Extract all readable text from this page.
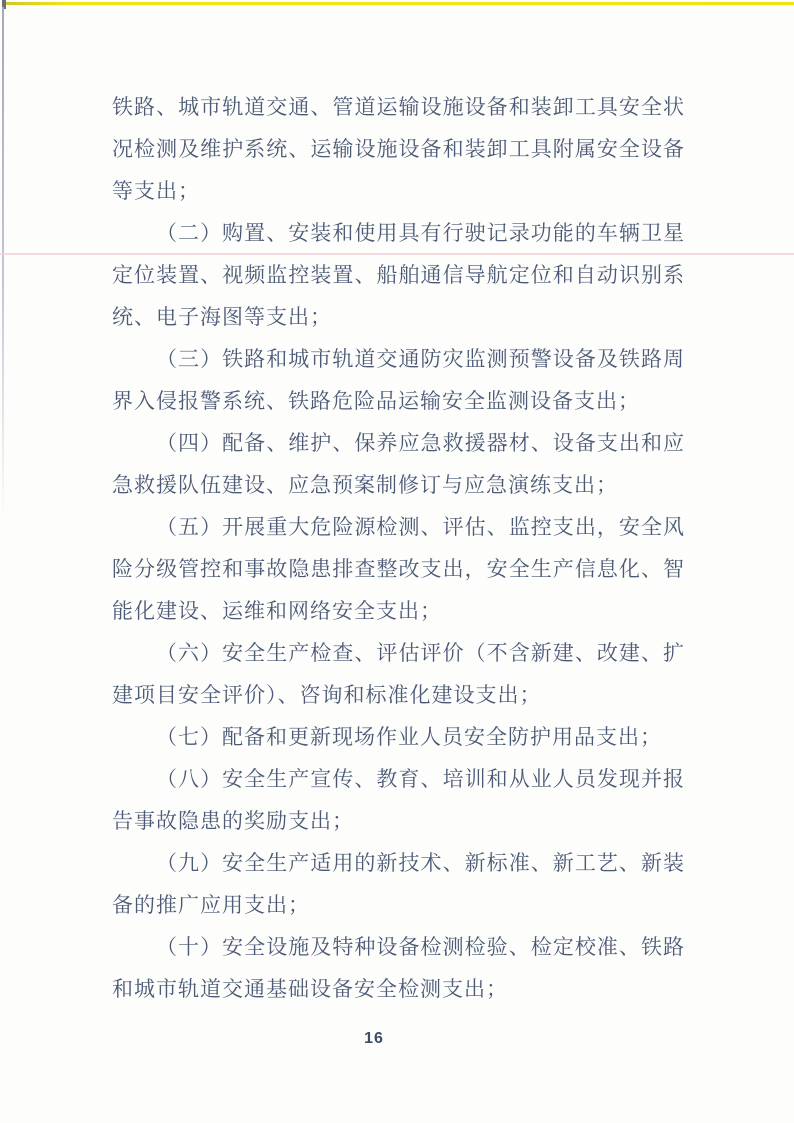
铁路、城市轨道交通、管道运输设施设备和装卸工具安全状况检测及维护系统、运输设施设备和装卸工具附属安全设备等支出；

（二）购置、安装和使用具有行驶记录功能的车辆卫星定位装置、视频监控装置、船舶通信导航定位和自动识别系统、电子海图等支出；

（三）铁路和城市轨道交通防灾监测预警设备及铁路周界入侵报警系统、铁路危险品运输安全监测设备支出；

（四）配备、维护、保养应急救援器材、设备支出和应急救援队伍建设、应急预案制修订与应急演练支出；

（五）开展重大危险源检测、评估、监控支出，安全风险分级管控和事故隐患排查整改支出，安全生产信息化、智能化建设、运维和网络安全支出；

（六）安全生产检查、评估评价（不含新建、改建、扩建项目安全评价）、咨询和标准化建设支出；

（七）配备和更新现场作业人员安全防护用品支出；

（八）安全生产宣传、教育、培训和从业人员发现并报告事故隐患的奖励支出；

（九）安全生产适用的新技术、新标准、新工艺、新装备的推广应用支出；

（十）安全设施及特种设备检测检验、检定校准、铁路和城市轨道交通基础设备安全检测支出；

16
